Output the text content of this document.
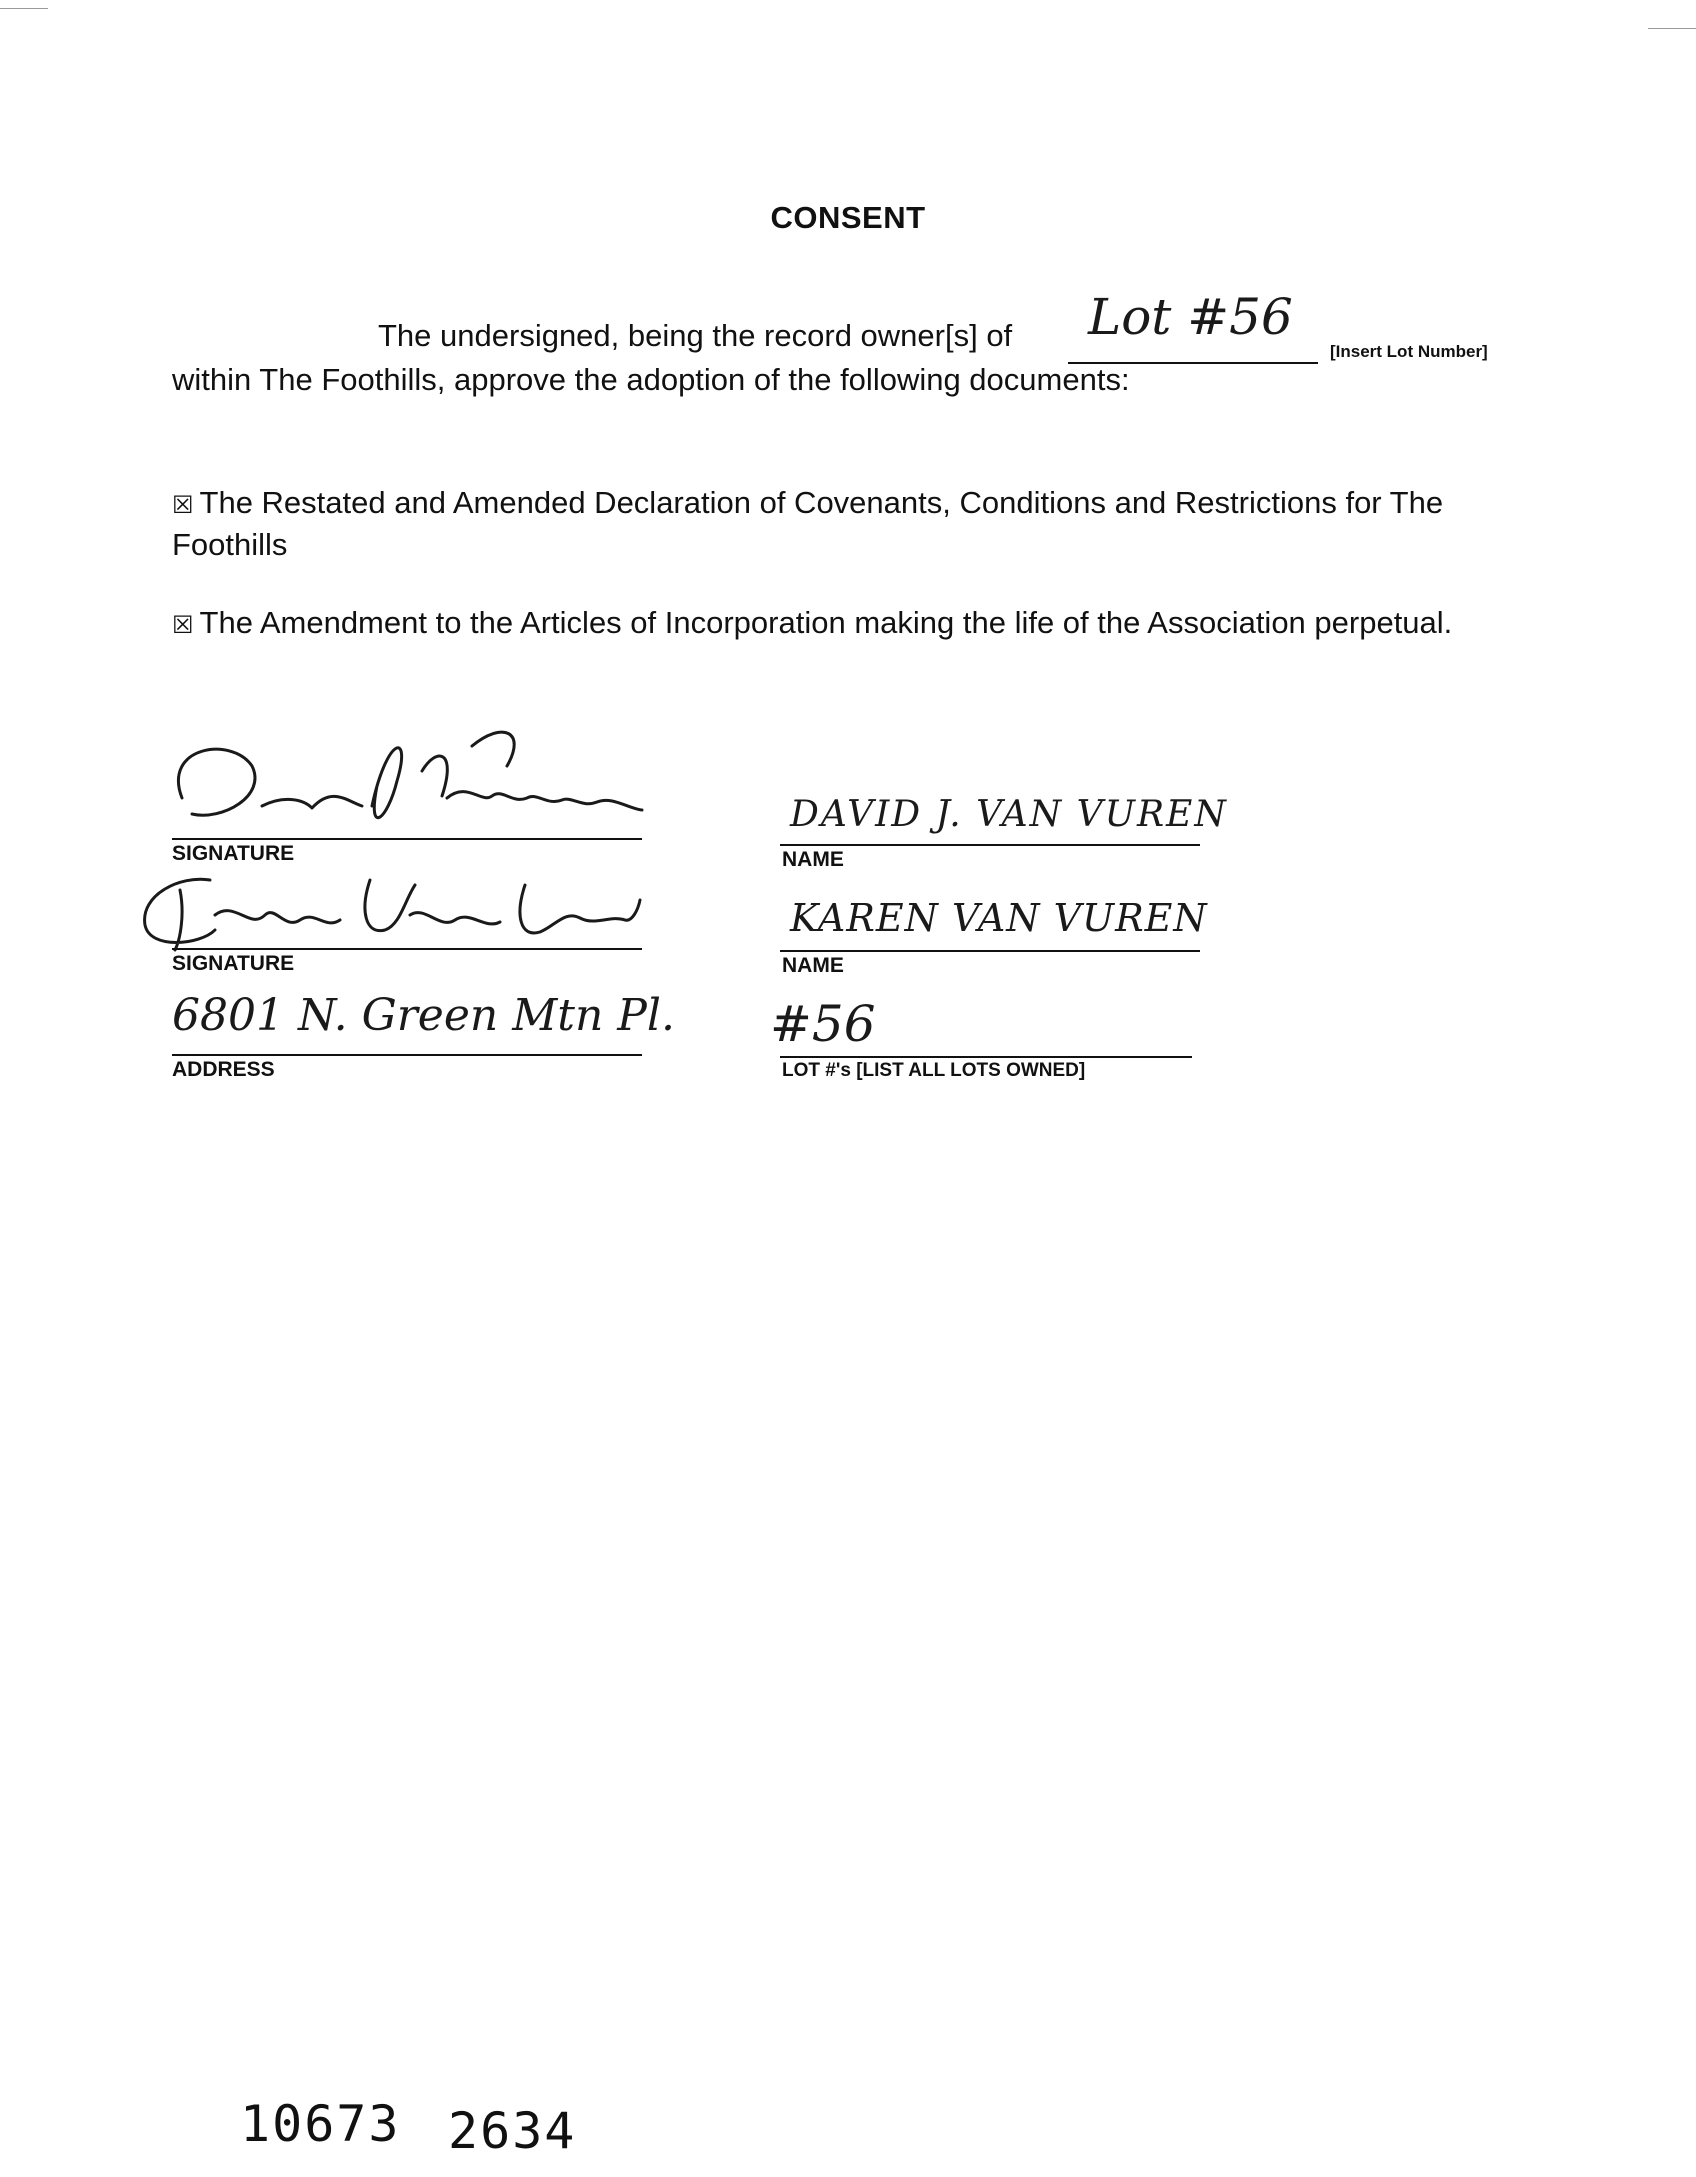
CONSENT
The undersigned, being the record owner[s] of Lot #56
[Insert Lot Number]
within The Foothills, approve the adoption of the following documents:
☒ The Restated and Amended Declaration of Covenants, Conditions and Restrictions for The Foothills
☒ The Amendment to the Articles of Incorporation making the life of the Association perpetual.
SIGNATURE
SIGNATURE
6801 N. Green Mtn Pl.
ADDRESS
DAVID J. VAN VUREN
NAME
KAREN VAN VUREN
NAME
#56
LOT #'s [LIST ALL LOTS OWNED]
10673 2634
